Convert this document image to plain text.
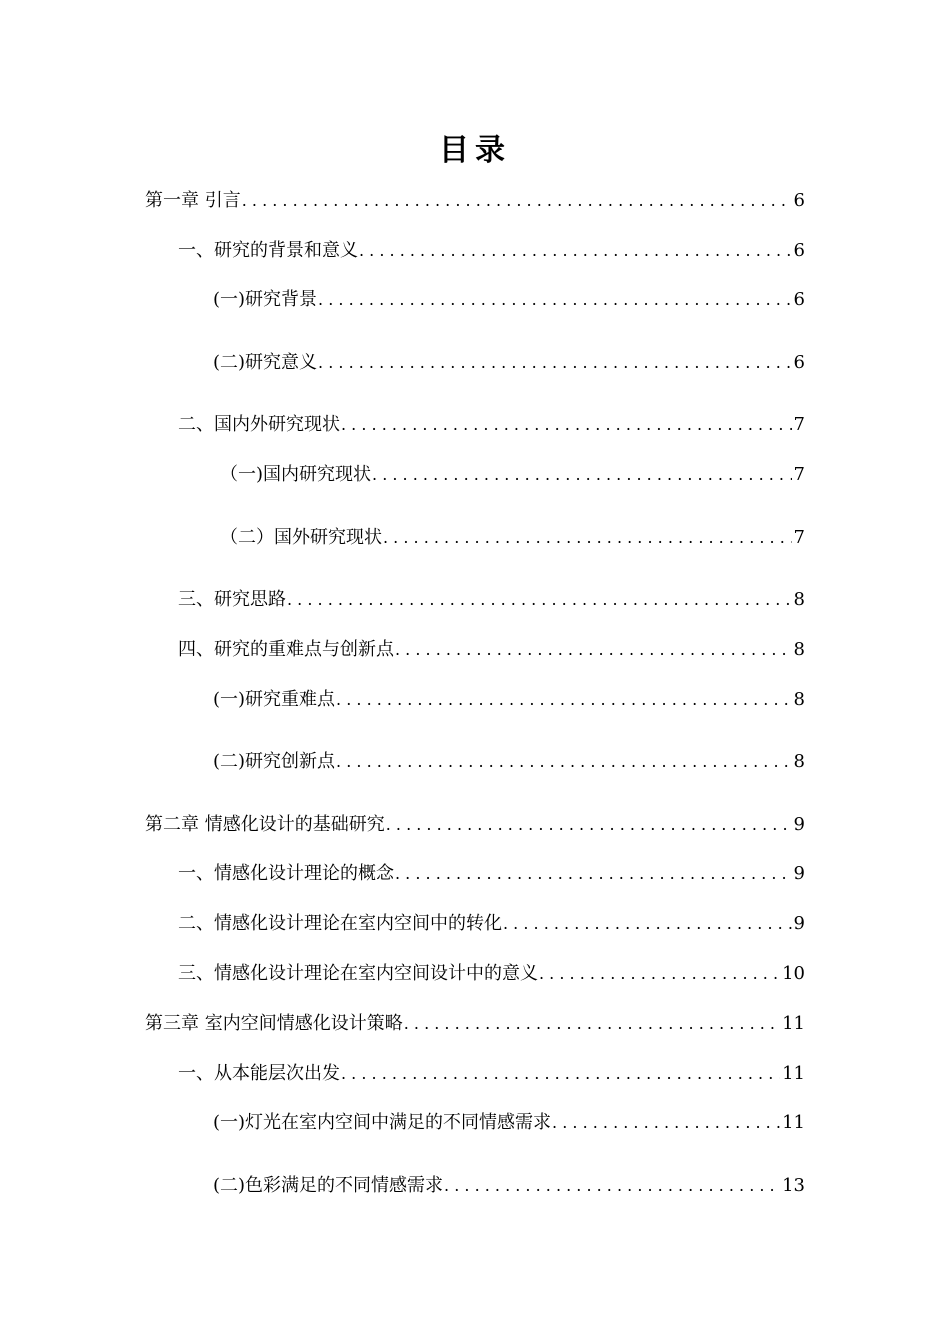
目录
第一章 引言 . . .	6
一、研究的背景和意义 . . .	6
(一)研究背景 . . .	6
(二)研究意义 . . .	6
二、国内外研究现状 . . .	7
（一)国内研究现状 . . .	7
（二）国外研究现状 . . .	7
三、研究思路 . . .	8
四、研究的重难点与创新点 . . .	8
(一)研究重难点 . . .	8
(二)研究创新点 . . .	8
第二章 情感化设计的基础研究 . . .	9
一、情感化设计理论的概念 . . .	9
二、情感化设计理论在室内空间中的转化 . . .	9
三、情感化设计理论在室内空间设计中的意义 . . .	10
第三章 室内空间情感化设计策略 . . .	11
一、从本能层次出发 . . .	11
(一)灯光在室内空间中满足的不同情感需求 . . .	11
(二)色彩满足的不同情感需求 . . .	13
